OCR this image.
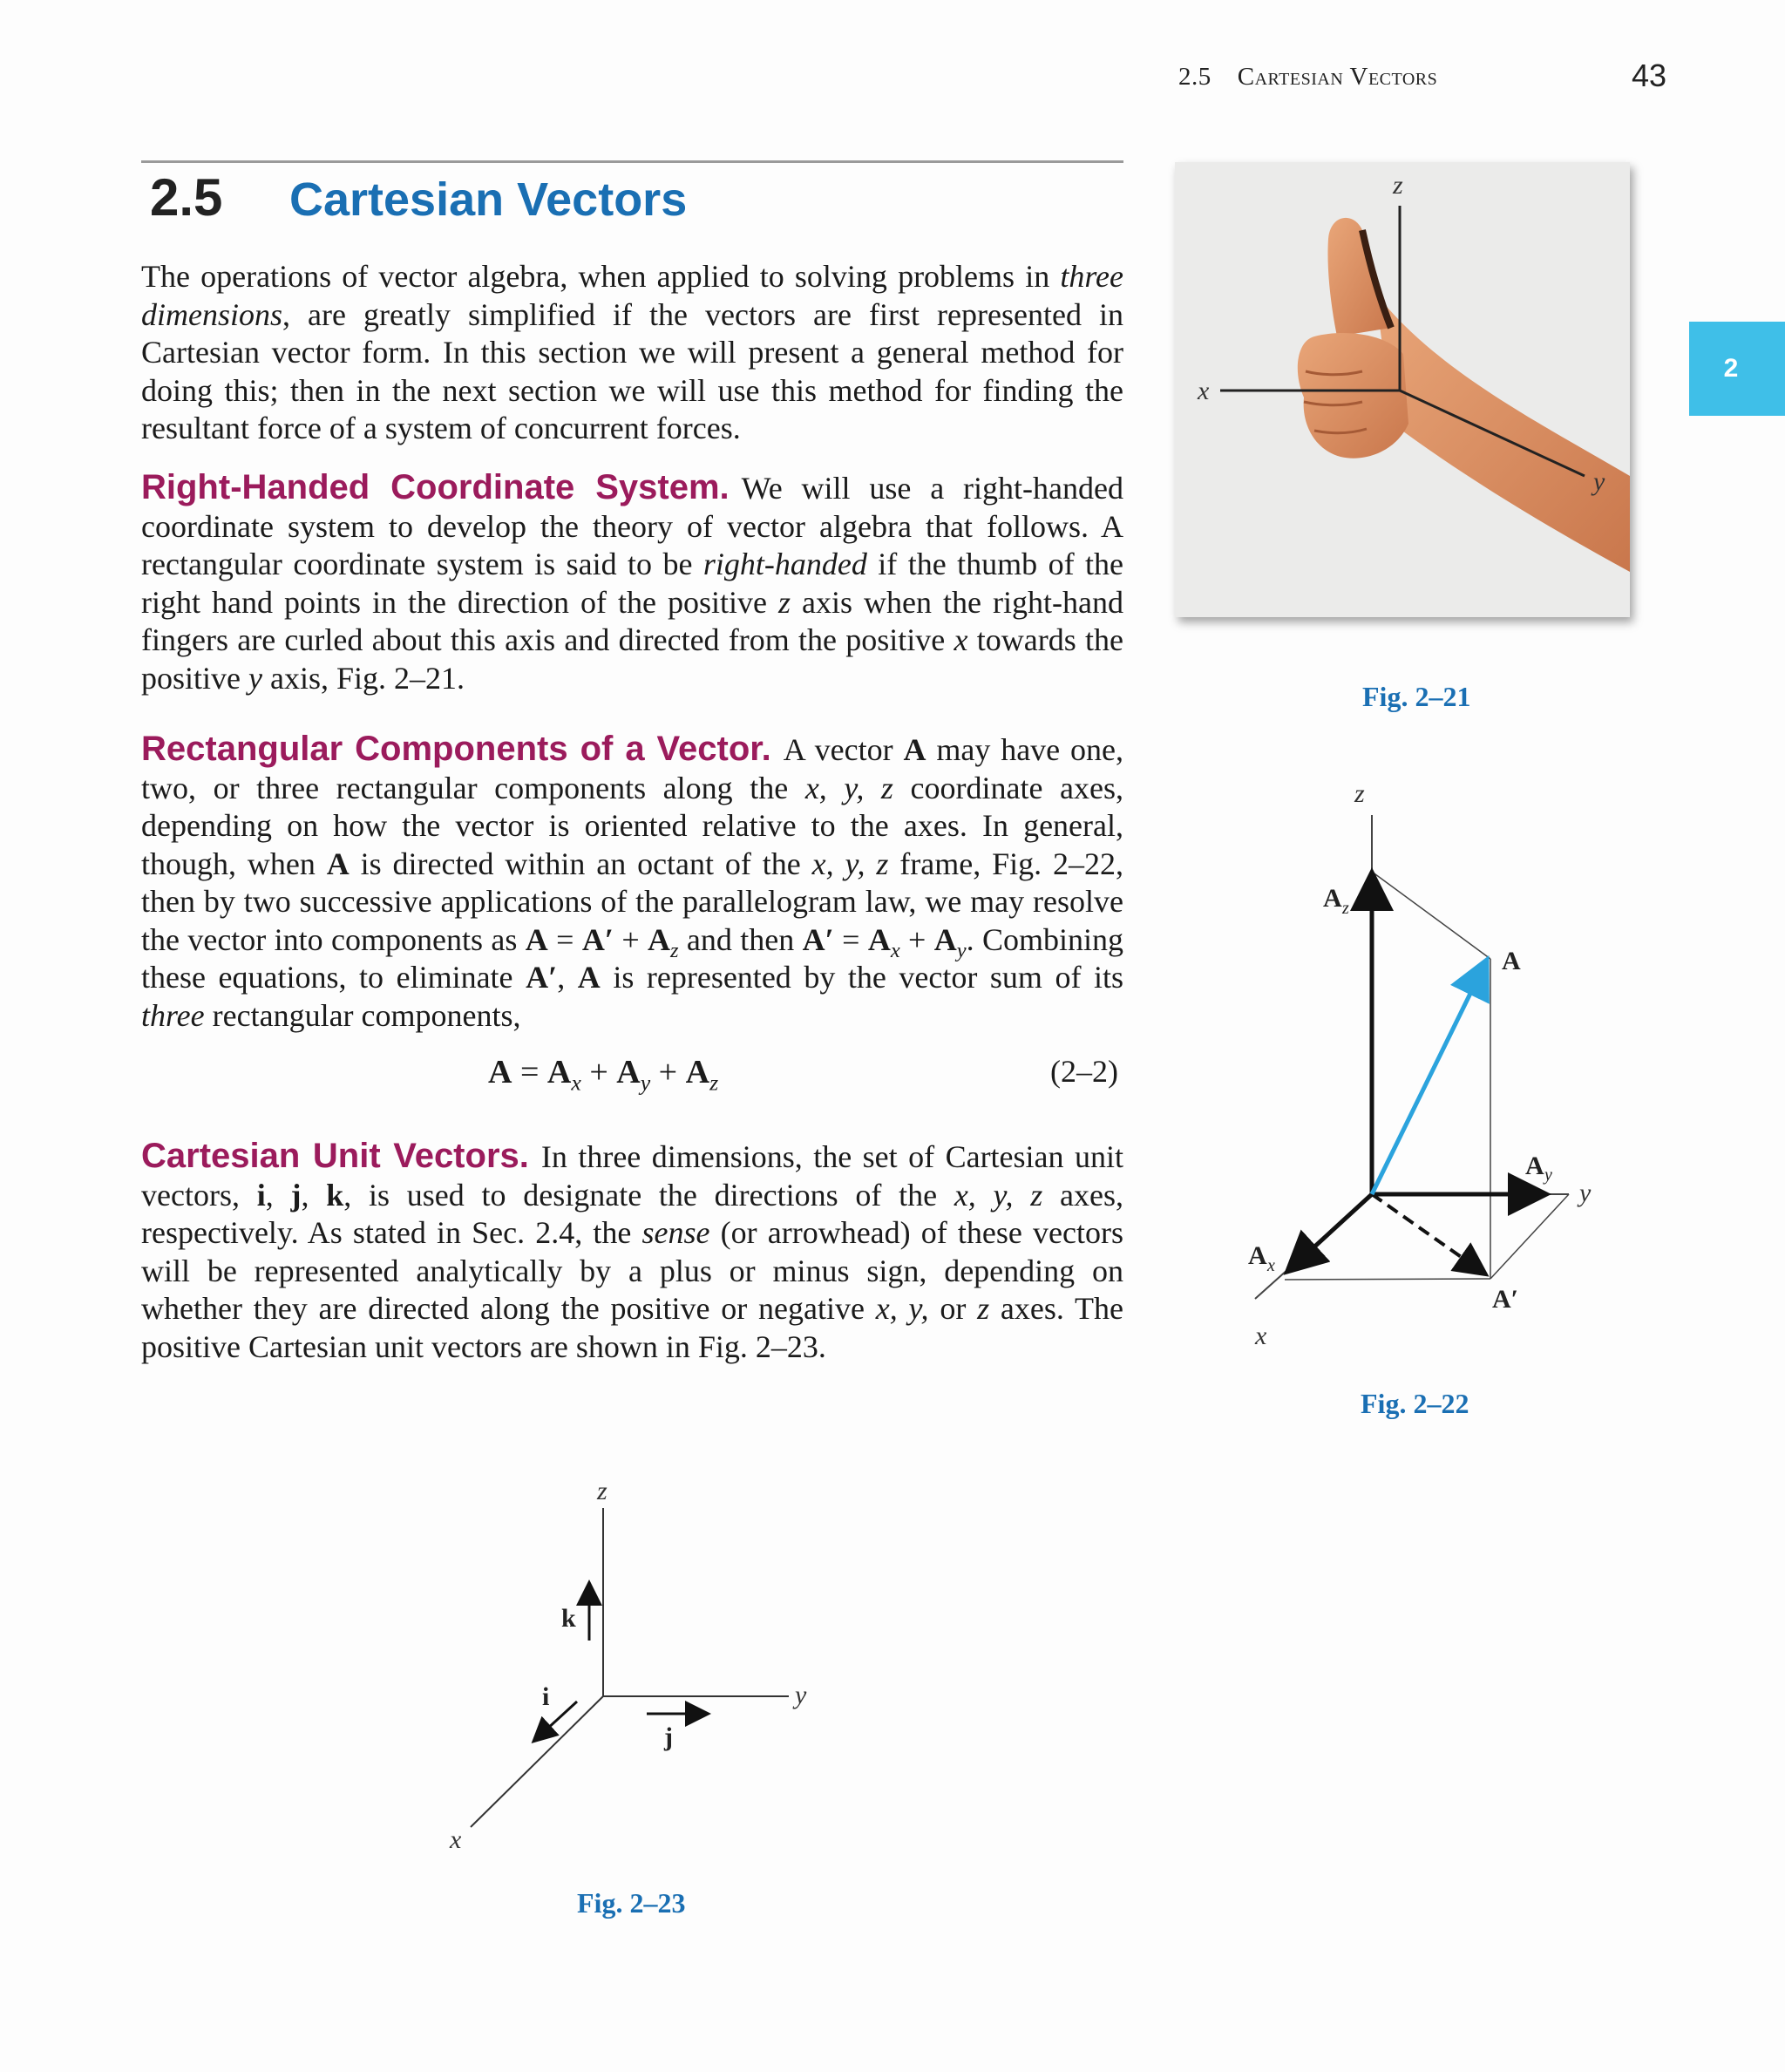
2.5 Cartesian Vectors	43
2
2.5 Cartesian Vectors

The operations of vector algebra, when applied to solving problems in three dimensions, are greatly simplified if the vectors are first represented in Cartesian vector form. In this section we will present a general method for doing this; then in the next section we will use this method for finding the resultant force of a system of concurrent forces.

Right-Handed Coordinate System. We will use a right-handed coordinate system to develop the theory of vector algebra that follows. A rectangular coordinate system is said to be right-handed if the thumb of the right hand points in the direction of the positive z axis when the right-hand fingers are curled about this axis and directed from the positive x towards the positive y axis, Fig. 2–21.

Rectangular Components of a Vector. A vector A may have one, two, or three rectangular components along the x, y, z coordinate axes, depending on how the vector is oriented relative to the axes. In general, though, when A is directed within an octant of the x, y, z frame, Fig. 2–22, then by two successive applications of the parallelogram law, we may resolve the vector into components as $A = A' + A_z$ and then $A' = A_x + A_y$. Combining these equations, to eliminate A′, A is represented by the vector sum of its three rectangular components,

$A = A_x + A_y + A_z$	(2–2)

Cartesian Unit Vectors. In three dimensions, the set of Cartesian unit vectors, i, j, k, is used to designate the directions of the x, y, z axes, respectively. As stated in Sec. 2.4, the sense (or arrowhead) of these vectors will be represented analytically by a plus or minus sign, depending on whether they are directed along the positive or negative x, y, or z axes. The positive Cartesian unit vectors are shown in Fig. 2–23.

z
x
y
Fig. 2–21
z
y
x
A
A z
A y
A x
A′
Fig. 2–22
z
y
x
k
j
i
Fig. 2–23
